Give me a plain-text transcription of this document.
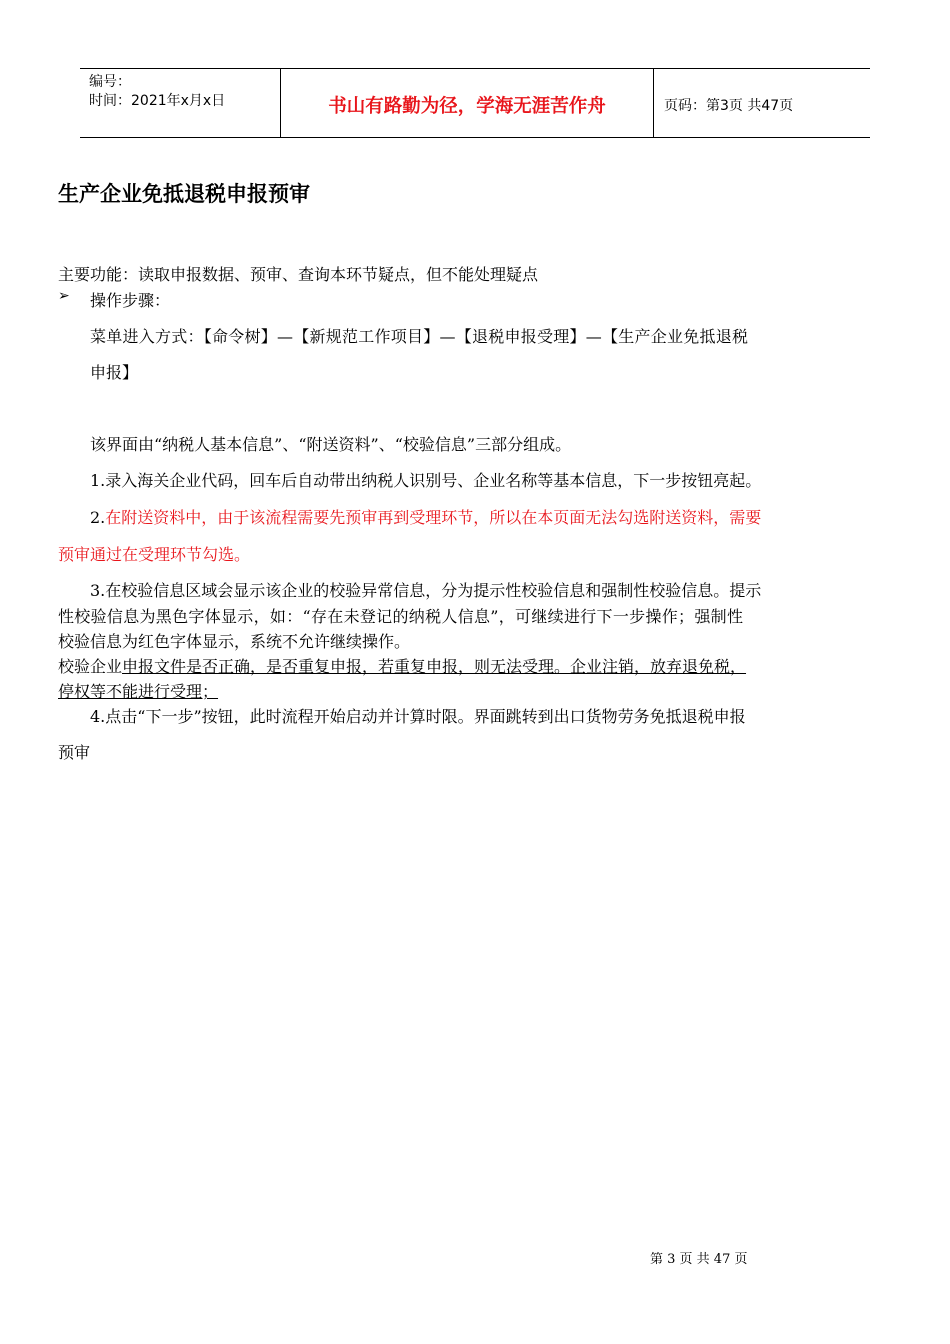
编号：
时间：2021年x月x日	书山有路勤为径，学海无涯苦作舟	页码：第3页 共47页
生产企业免抵退税申报预审
主要功能：读取申报数据、预审、查询本环节疑点，但不能处理疑点
➢ 操作步骤：
菜单进入方式：【命令树】—【新规范工作项目】—【退税申报受理】—【生产企业免抵退税
申报】
该界面由“纳税人基本信息”、“附送资料”、“校验信息”三部分组成。
1.录入海关企业代码，回车后自动带出纳税人识别号、企业名称等基本信息，下一步按钮亮起。
2.在附送资料中，由于该流程需要先预审再到受理环节，所以在本页面无法勾选附送资料，需要
预审通过在受理环节勾选。
3.在校验信息区域会显示该企业的校验异常信息，分为提示性校验信息和强制性校验信息。提示
性校验信息为黑色字体显示，如：“存在未登记的纳税人信息”，可继续进行下一步操作；强制性
校验信息为红色字体显示，系统不允许继续操作。
校验企业申报文件是否正确，是否重复申报，若重复申报，则无法受理。企业注销，放弃退免税，
停权等不能进行受理；
4.点击“下一步”按钮，此时流程开始启动并计算时限。界面跳转到出口货物劳务免抵退税申报
预审
第 3 页 共 47 页
